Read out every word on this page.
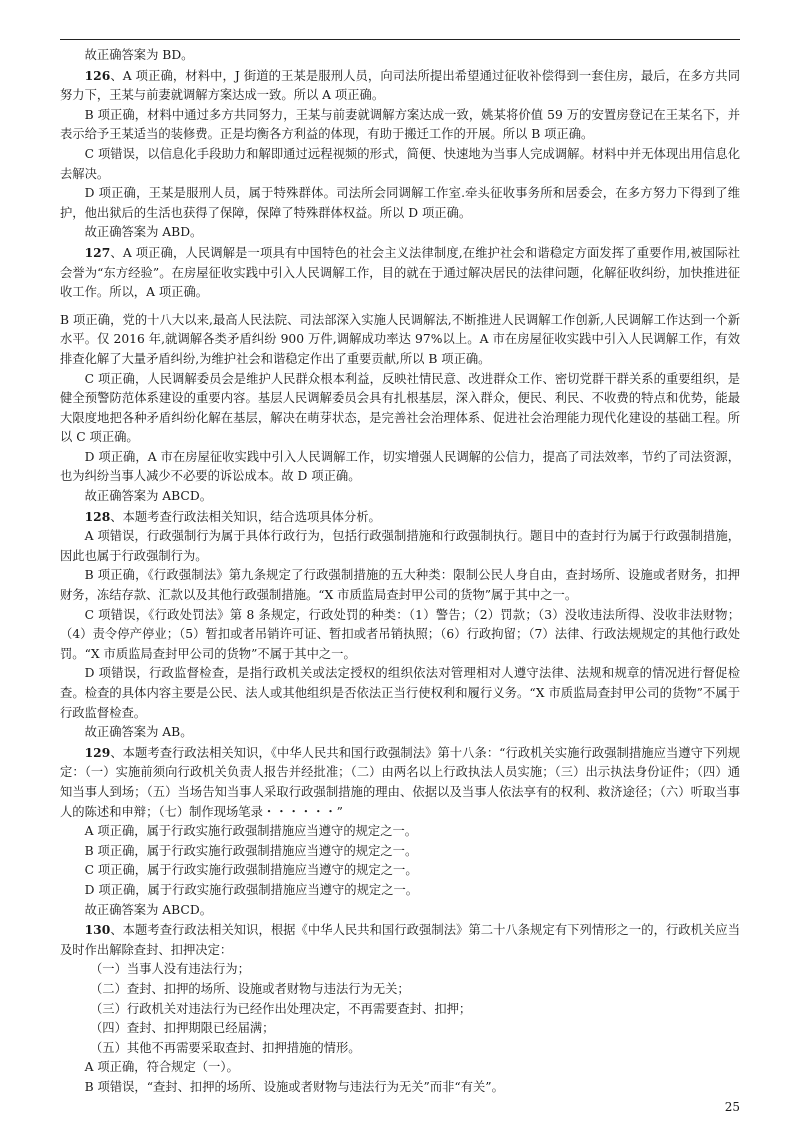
故正确答案为 BD。

126、A 项正确，材料中，J 街道的王某是服刑人员，向司法所提出希望通过征收补偿得到一套住房，最后，在多方共同努力下，王某与前妻就调解方案达成一致。所以 A 项正确。

B 项正确，材料中通过多方共同努力，王某与前妻就调解方案达成一致，姚某将价值 59 万的安置房登记在王某名下，并表示给予王某适当的装修费。正是均衡各方利益的体现，有助于搬迁工作的开展。所以 B 项正确。

C 项错误，以信息化手段助力和解即通过远程视频的形式，简便、快速地为当事人完成调解。材料中并无体现出用信息化去解决。

D 项正确，王某是服刑人员，属于特殊群体。司法所会同调解工作室.牵头征收事务所和居委会，在多方努力下得到了维护，他出狱后的生活也获得了保障，保障了特殊群体权益。所以 D 项正确。

故正确答案为 ABD。

127、A 项正确，人民调解是一项具有中国特色的社会主义法律制度,在维护社会和谐稳定方面发挥了重要作用,被国际社会誉为“东方经验”。在房屋征收实践中引入人民调解工作，目的就在于通过解决居民的法律问题，化解征收纠纷，加快推进征收工作。所以，A 项正确。

B 项正确，党的十八大以来,最高人民法院、司法部深入实施人民调解法,不断推进人民调解工作创新,人民调解工作达到一个新水平。仅 2016 年,就调解各类矛盾纠纷 900 万件,调解成功率达 97%以上。A 市在房屋征收实践中引入人民调解工作，有效排查化解了大量矛盾纠纷,为维护社会和谐稳定作出了重要贡献,所以 B 项正确。

C 项正确，人民调解委员会是维护人民群众根本利益，反映社情民意、改进群众工作、密切党群干群关系的重要组织，是健全预警防范体系建设的重要内容。基层人民调解委员会具有扎根基层，深入群众，便民、利民、不收费的特点和优势，能最大限度地把各种矛盾纠纷化解在基层，解决在萌芽状态，是完善社会治理体系、促进社会治理能力现代化建设的基础工程。所以 C 项正确。

D 项正确，A 市在房屋征收实践中引入人民调解工作，切实增强人民调解的公信力，提高了司法效率，节约了司法资源，也为纠纷当事人减少不必要的诉讼成本。故 D 项正确。

故正确答案为 ABCD。

128、本题考查行政法相关知识，结合选项具体分析。

A 项错误，行政强制行为属于具体行政行为，包括行政强制措施和行政强制执行。题目中的查封行为属于行政强制措施，因此也属于行政强制行为。

B 项正确，《行政强制法》第九条规定了行政强制措施的五大种类：限制公民人身自由，查封场所、设施或者财务，扣押财务，冻结存款、汇款以及其他行政强制措施。“X 市质监局查封甲公司的货物”属于其中之一。

C 项错误，《行政处罚法》第 8 条规定，行政处罚的种类：（1）警告；（2）罚款；（3）没收违法所得、没收非法财物；（4）责令停产停业；（5）暂扣或者吊销许可证、暂扣或者吊销执照；（6）行政拘留；（7）法律、行政法规规定的其他行政处罚。“X 市质监局查封甲公司的货物”不属于其中之一。

D 项错误，行政监督检查，是指行政机关或法定授权的组织依法对管理相对人遵守法律、法规和规章的情况进行督促检查。检查的具体内容主要是公民、法人或其他组织是否依法正当行使权利和履行义务。“X 市质监局查封甲公司的货物”不属于行政监督检查。

故正确答案为 AB。

129、本题考查行政法相关知识，《中华人民共和国行政强制法》第十八条：“行政机关实施行政强制措施应当遵守下列规定：（一）实施前须向行政机关负责人报告并经批准；（二）由两名以上行政执法人员实施；（三）出示执法身份证件；（四）通知当事人到场；（五）当场告知当事人采取行政强制措施的理由、依据以及当事人依法享有的权利、救济途径；（六）听取当事人的陈述和申辩；（七）制作现场笔录・・・・・・”

A 项正确，属于行政实施行政强制措施应当遵守的规定之一。

B 项正确，属于行政实施行政强制措施应当遵守的规定之一。

C 项正确，属于行政实施行政强制措施应当遵守的规定之一。

D 项正确，属于行政实施行政强制措施应当遵守的规定之一。

故正确答案为 ABCD。

130、本题考查行政法相关知识，根据《中华人民共和国行政强制法》第二十八条规定有下列情形之一的，行政机关应当及时作出解除查封、扣押决定：

（一）当事人没有违法行为；

（二）查封、扣押的场所、设施或者财物与违法行为无关；

（三）行政机关对违法行为已经作出处理决定，不再需要查封、扣押；

（四）查封、扣押期限已经届满；

（五）其他不再需要采取查封、扣押措施的情形。

A 项正确，符合规定（一）。

B 项错误，“查封、扣押的场所、设施或者财物与违法行为无关”而非“有关”。

25
